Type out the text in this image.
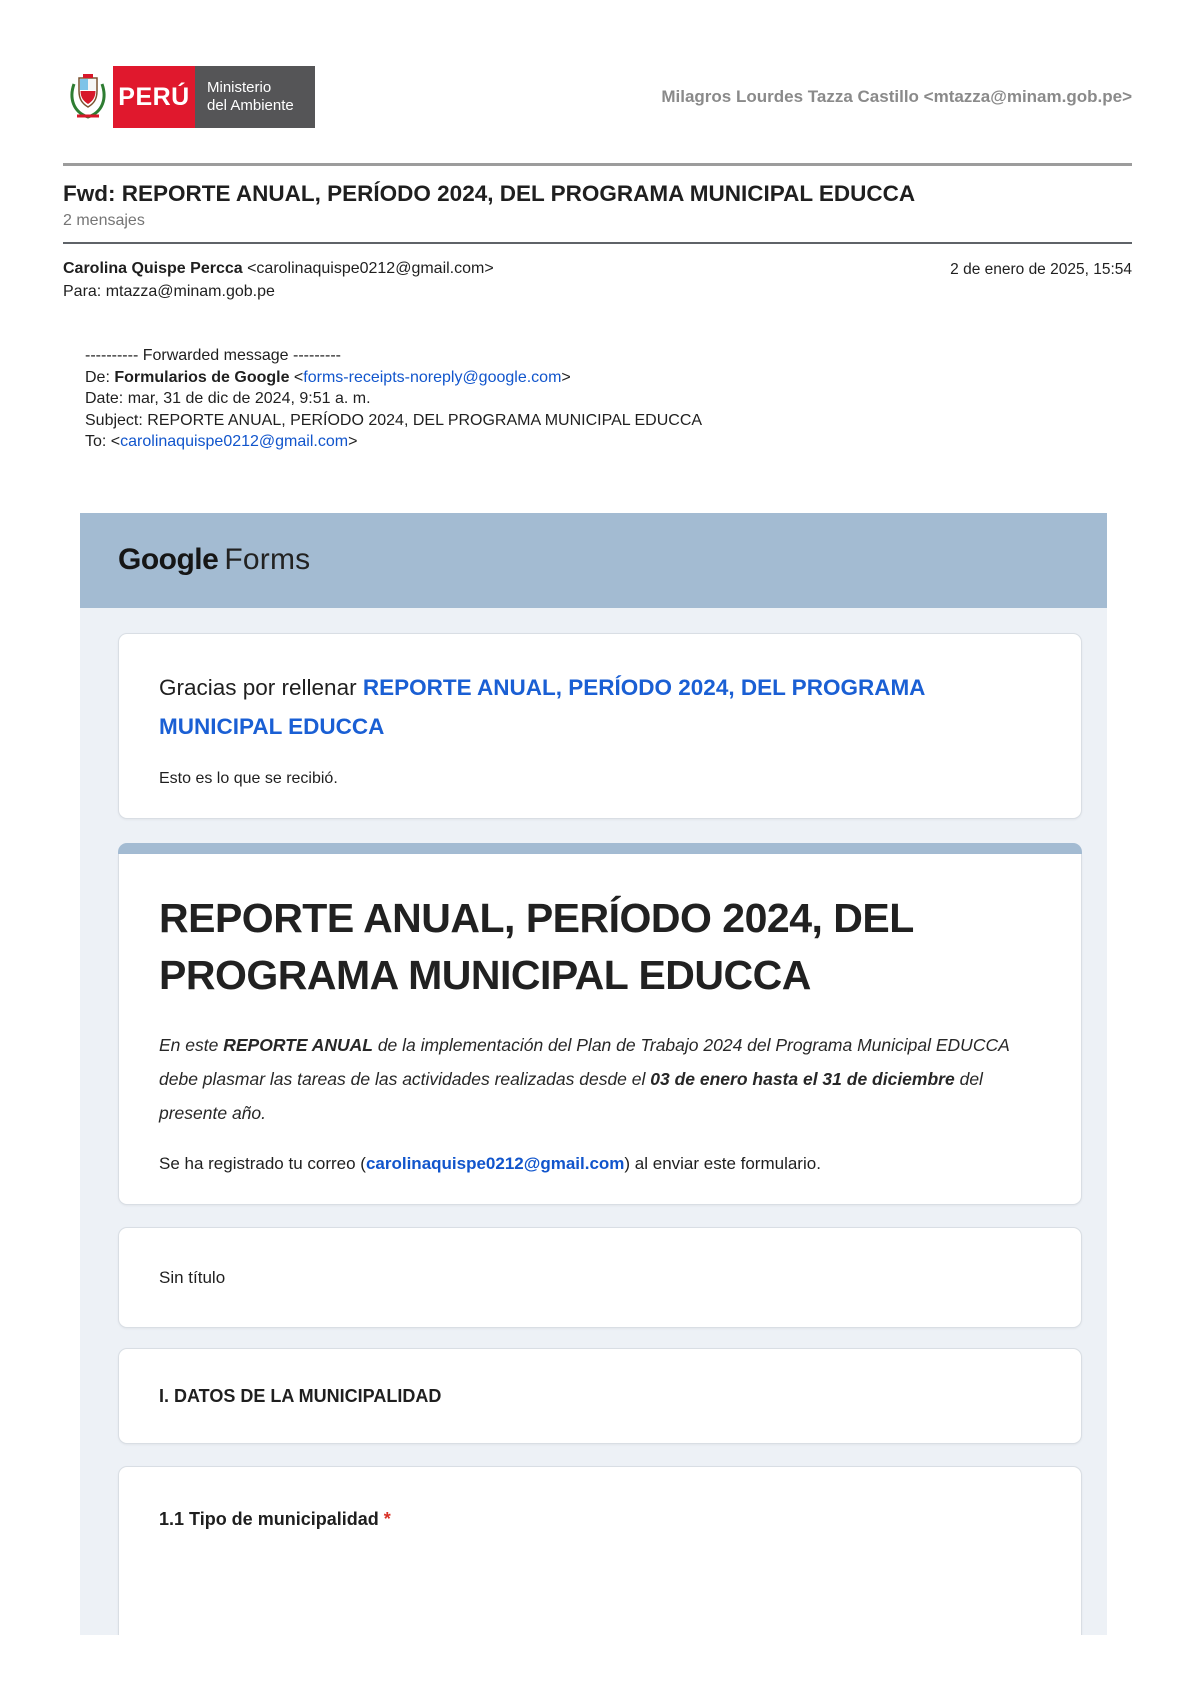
PERÚ Ministerio
del Ambiente	Milagros Lourdes Tazza Castillo <mtazza@minam.gob.pe>
Fwd: REPORTE ANUAL, PERÍODO 2024, DEL PROGRAMA MUNICIPAL EDUCCA
2 mensajes
Carolina Quispe Percca <carolinaquispe0212@gmail.com>
Para: mtazza@minam.gob.pe
2 de enero de 2025, 15:54
---------- Forwarded message ---------
De: Formularios de Google <forms-receipts-noreply@google.com>
Date: mar, 31 de dic de 2024, 9:51 a. m.
Subject: REPORTE ANUAL, PERÍODO 2024, DEL PROGRAMA MUNICIPAL EDUCCA
To: <carolinaquispe0212@gmail.com>
Google Forms

Gracias por rellenar REPORTE ANUAL, PERÍODO 2024, DEL PROGRAMA MUNICIPAL EDUCCA

Esto es lo que se recibió.

REPORTE ANUAL, PERÍODO 2024, DEL PROGRAMA MUNICIPAL EDUCCA

En este REPORTE ANUAL de la implementación del Plan de Trabajo 2024 del Programa Municipal EDUCCA debe plasmar las tareas de las actividades realizadas desde el 03 de enero hasta el 31 de diciembre del presente año.

Se ha registrado tu correo (carolinaquispe0212@gmail.com) al enviar este formulario.

Sin título

I. DATOS DE LA MUNICIPALIDAD

1.1 Tipo de municipalidad *
